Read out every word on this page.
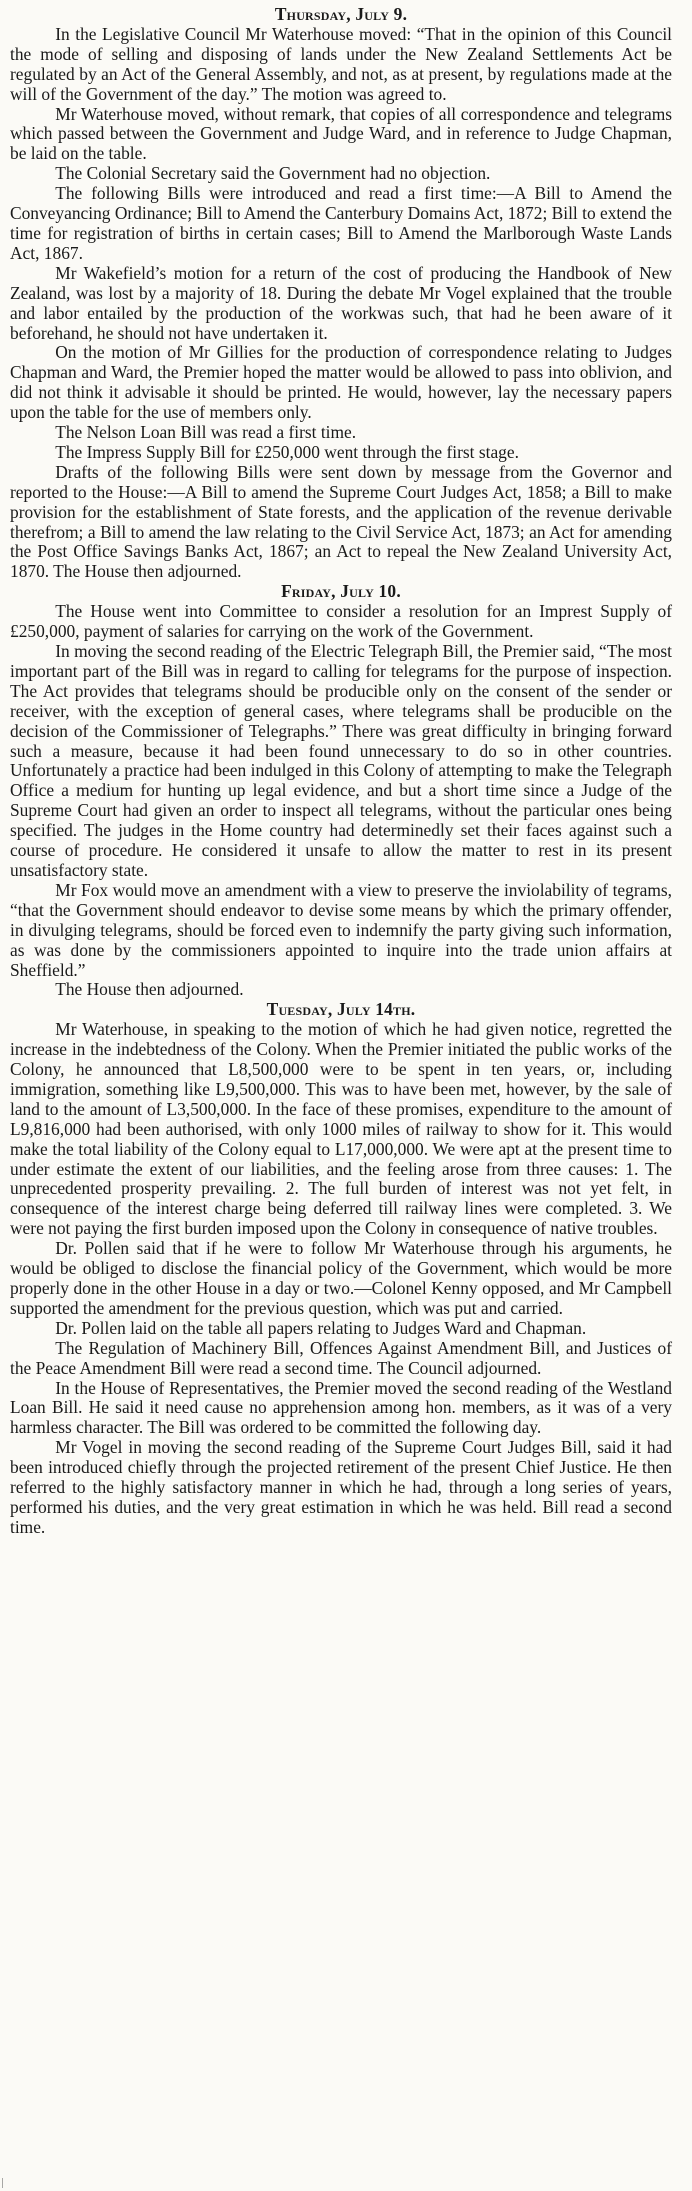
Thursday, July 9.

In the Legislative Council Mr Waterhouse moved: “That in the opinion of this Council the mode of selling and disposing of lands under the New Zealand Settlements Act be regulated by an Act of the General Assembly, and not, as at present, by regulations made at the will of the Government of the day.” The motion was agreed to.

Mr Waterhouse moved, without remark, that copies of all correspondence and telegrams which passed between the Government and Judge Ward, and in reference to Judge Chapman, be laid on the table.

The Colonial Secretary said the Government had no objection.

The following Bills were introduced and read a first time:—A Bill to Amend the Conveyancing Ordinance; Bill to Amend the Canterbury Domains Act, 1872; Bill to extend the time for registration of births in certain cases; Bill to Amend the Marlborough Waste Lands Act, 1867.

Mr Wakefield’s motion for a return of the cost of producing the Handbook of New Zealand, was lost by a majority of 18. During the debate Mr Vogel explained that the trouble and labor entailed by the production of the workwas such, that had he been aware of it beforehand, he should not have undertaken it.

On the motion of Mr Gillies for the production of correspondence relating to Judges Chapman and Ward, the Premier hoped the matter would be allowed to pass into oblivion, and did not think it advisable it should be printed. He would, however, lay the necessary papers upon the table for the use of members only.

The Nelson Loan Bill was read a first time.

The Impress Supply Bill for £250,000 went through the first stage.

Drafts of the following Bills were sent down by message from the Governor and reported to the House:—A Bill to amend the Supreme Court Judges Act, 1858; a Bill to make provision for the establishment of State forests, and the application of the revenue derivable therefrom; a Bill to amend the law relating to the Civil Service Act, 1873; an Act for amending the Post Office Savings Banks Act, 1867; an Act to repeal the New Zealand University Act, 1870. The House then adjourned.

Friday, July 10.

The House went into Committee to consider a resolution for an Imprest Supply of £250,000, payment of salaries for carrying on the work of the Government.

In moving the second reading of the Electric Telegraph Bill, the Premier said, “The most important part of the Bill was in regard to calling for telegrams for the purpose of inspection. The Act provides that telegrams should be producible only on the consent of the sender or receiver, with the exception of general cases, where telegrams shall be producible on the decision of the Commissioner of Telegraphs.” There was great difficulty in bringing forward such a measure, because it had been found unnecessary to do so in other countries. Unfortunately a practice had been indulged in this Colony of attempting to make the Telegraph Office a medium for hunting up legal evidence, and but a short time since a Judge of the Supreme Court had given an order to inspect all telegrams, without the particular ones being specified. The judges in the Home country had determinedly set their faces against such a course of procedure. He considered it unsafe to allow the matter to rest in its present unsatisfactory state.

Mr Fox would move an amendment with a view to preserve the inviolability of tegrams, “that the Government should endeavor to devise some means by which the primary offender, in divulging telegrams, should be forced even to indemnify the party giving such information, as was done by the commissioners appointed to inquire into the trade union affairs at Sheffield.”

The House then adjourned.

Tuesday, July 14th.

Mr Waterhouse, in speaking to the motion of which he had given notice, regretted the increase in the indebtedness of the Colony. When the Premier initiated the public works of the Colony, he announced that L8,500,000 were to be spent in ten years, or, including immigration, something like L9,500,000. This was to have been met, however, by the sale of land to the amount of L3,500,000. In the face of these promises, expenditure to the amount of L9,816,000 had been authorised, with only 1000 miles of railway to show for it. This would make the total liability of the Colony equal to L17,000,000. We were apt at the present time to under estimate the extent of our liabilities, and the feeling arose from three causes: 1. The unprecedented prosperity prevailing. 2. The full burden of interest was not yet felt, in consequence of the interest charge being deferred till railway lines were completed. 3. We were not paying the first burden imposed upon the Colony in consequence of native troubles.

Dr. Pollen said that if he were to follow Mr Waterhouse through his arguments, he would be obliged to disclose the financial policy of the Government, which would be more properly done in the other House in a day or two.—Colonel Kenny opposed, and Mr Campbell supported the amendment for the previous question, which was put and carried.

Dr. Pollen laid on the table all papers relating to Judges Ward and Chapman.

The Regulation of Machinery Bill, Offences Against Amendment Bill, and Justices of the Peace Amendment Bill were read a second time. The Council adjourned.

In the House of Representatives, the Premier moved the second reading of the Westland Loan Bill. He said it need cause no apprehension among hon. members, as it was of a very harmless character. The Bill was ordered to be committed the following day.

Mr Vogel in moving the second reading of the Supreme Court Judges Bill, said it had been introduced chiefly through the projected retirement of the present Chief Justice. He then referred to the highly satisfactory manner in which he had, through a long series of years, performed his duties, and the very great estimation in which he was held. Bill read a second time.
